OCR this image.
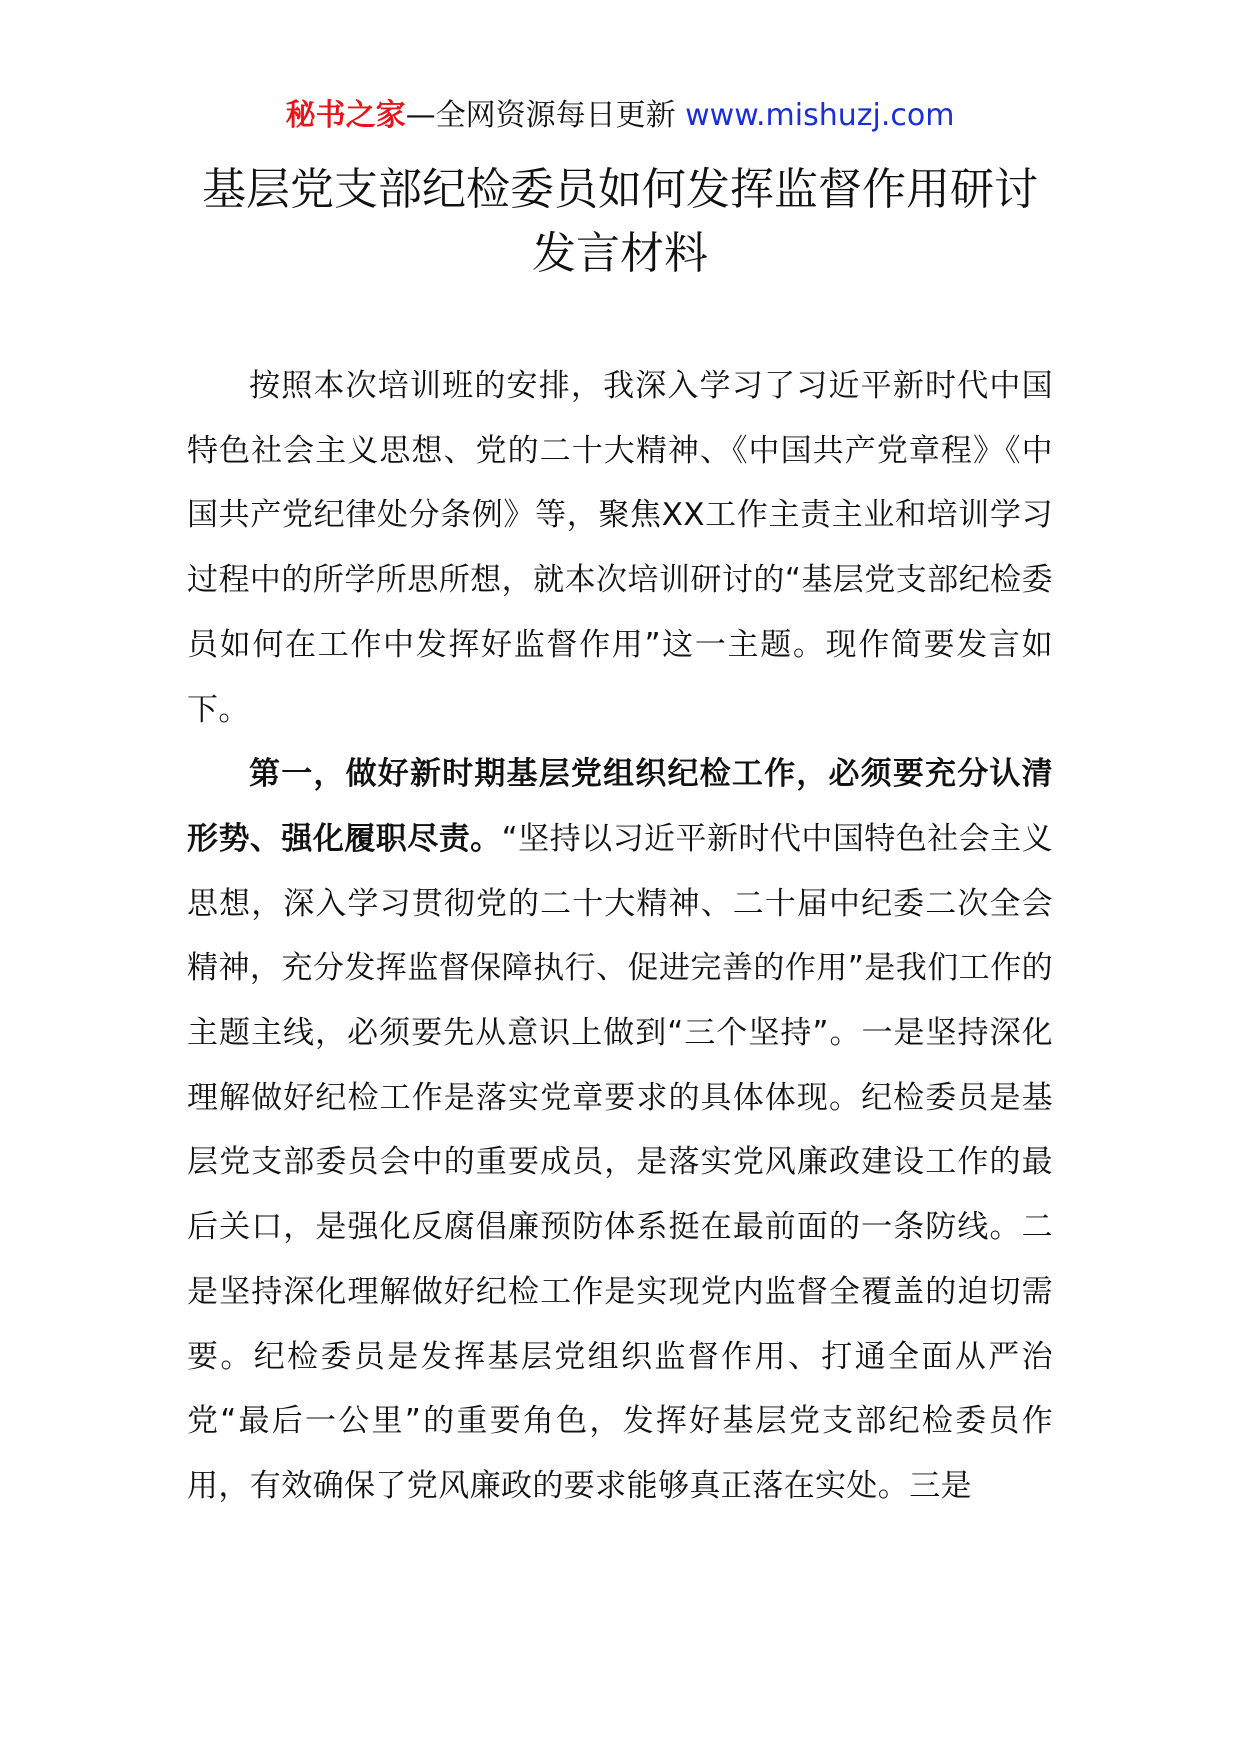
秘书之家—全网资源每日更新 www.mishuzj.com
基层党支部纪检委员如何发挥监督作用研讨
发言材料

按照本次培训班的安排，我深入学习了习近平新时代中国特色社会主义思想、党的二十大精神、《中国共产党章程》《中国共产党纪律处分条例》等，聚焦XX工作主责主业和培训学习过程中的所学所思所想，就本次培训研讨的“基层党支部纪检委员如何在工作中发挥好监督作用”这一主题。现作简要发言如下。

第一，做好新时期基层党组织纪检工作，必须要充分认清形势、强化履职尽责。“坚持以习近平新时代中国特色社会主义思想，深入学习贯彻党的二十大精神、二十届中纪委二次全会精神，充分发挥监督保障执行、促进完善的作用”是我们工作的主题主线，必须要先从意识上做到“三个坚持”。一是坚持深化理解做好纪检工作是落实党章要求的具体体现。纪检委员是基层党支部委员会中的重要成员，是落实党风廉政建设工作的最后关口，是强化反腐倡廉预防体系挺在最前面的一条防线。二是坚持深化理解做好纪检工作是实现党内监督全覆盖的迫切需要。纪检委员是发挥基层党组织监督作用、打通全面从严治党“最后一公里”的重要角色，发挥好基层党支部纪检委员作用，有效确保了党风廉政的要求能够真正落在实处。三是
